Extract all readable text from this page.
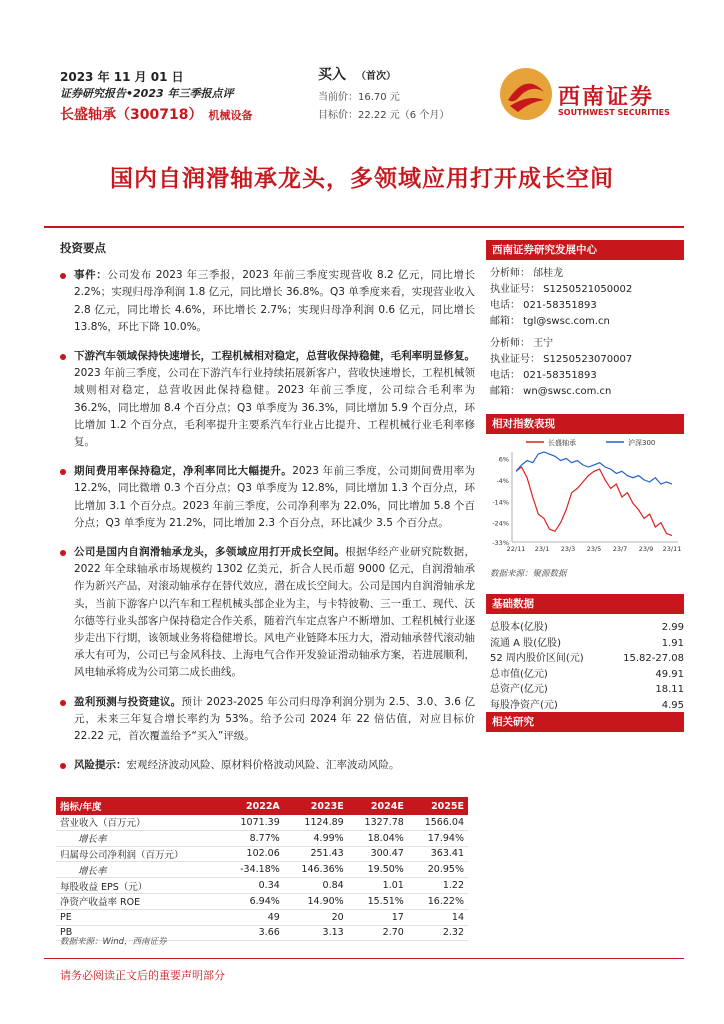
2023 年 11 月 01 日
证券研究报告•2023 年三季报点评
长盛轴承（300718） 机械设备
买入 （首次）
当前价：16.70 元
目标价：22.22 元（6 个月）
西南证券
SOUTHWEST SECURITIES
国内自润滑轴承龙头，多领域应用打开成长空间
投资要点
事件：公司发布 2023 年三季报，2023 年前三季度实现营收 8.2 亿元，同比增长 2.2%；实现归母净利润 1.8 亿元，同比增长 36.8%。Q3 单季度来看，实现营业收入 2.8 亿元，同比增长 4.6%，环比增长 2.7%；实现归母净利润 0.6 亿元，同比增长 13.8%，环比下降 10.0%。
下游汽车领域保持快速增长，工程机械相对稳定，总营收保持稳健，毛利率明显修复。2023 年前三季度，公司在下游汽车行业持续拓展新客户，营收快速增长，工程机械领域则相对稳定，总营收因此保持稳健。2023 年前三季度，公司综合毛利率为 36.2%，同比增加 8.4 个百分点；Q3 单季度为 36.3%，同比增加 5.9 个百分点，环比增加 1.2 个百分点，毛利率提升主要系汽车行业占比提升、工程机械行业毛利率修复。
期间费用率保持稳定，净利率同比大幅提升。2023 年前三季度，公司期间费用率为 12.2%，同比微增 0.3 个百分点；Q3 单季度为 12.8%，同比增加 1.3 个百分点，环比增加 3.1 个百分点。2023 年前三季度，公司净利率为 22.0%，同比增加 5.8 个百分点；Q3 单季度为 21.2%，同比增加 2.3 个百分点，环比减少 3.5 个百分点。
公司是国内自润滑轴承龙头，多领域应用打开成长空间。根据华经产业研究院数据，2022 年全球轴承市场规模约 1302 亿美元，折合人民币超 9000 亿元，自润滑轴承作为新兴产品，对滚动轴承存在替代效应，潜在成长空间大。公司是国内自润滑轴承龙头，当前下游客户以汽车和工程机械头部企业为主，与卡特彼勒、三一重工、现代、沃尔德等行业头部客户保持稳定合作关系，随着汽车定点客户不断增加、工程机械行业逐步走出下行期，该领域业务将稳健增长。风电产业链降本压力大，滑动轴承替代滚动轴承大有可为，公司已与金风科技、上海电气合作开发验证滑动轴承方案，若进展顺利，风电轴承将成为公司第二成长曲线。
盈利预测与投资建议。预计 2023-2025 年公司归母净利润分别为 2.5、3.0、3.6 亿元，未来三年复合增长率约为 53%。给予公司 2024 年 22 倍估值，对应目标价 22.22 元，首次覆盖给予“买入”评级。
风险提示：宏观经济波动风险、原材料价格波动风险、汇率波动风险。
指标/年度	2022A	2023E	2024E	2025E
营业收入（百万元）	1071.39	1124.89	1327.78	1566.04
增长率	8.77%	4.99%	18.04%	17.94%
归属母公司净利润（百万元）	102.06	251.43	300.47	363.41
增长率	-34.18%	146.36%	19.50%	20.95%
每股收益 EPS（元）	0.34	0.84	1.01	1.22
净资产收益率 ROE	6.94%	14.90%	15.51%	16.22%
PE	49	20	17	14
PB	3.66	3.13	2.70	2.32
数据来源：Wind，西南证券
请务必阅读正文后的重要声明部分
西南证券研究发展中心
分析师： 邰桂龙
执业证号： S1250521050002
电话： 021-58351893
邮箱： tgl@swsc.com.cn
分析师： 王宁
执业证号： S1250523070007
电话： 021-58351893
邮箱： wn@swsc.com.cn
相对指数表现
6%
-4%
-14%
-24%
-33%
22/11 23/1 23/3 23/5 23/7 23/9 23/11
长盛轴承	沪深300
数据来源：聚源数据
基础数据
总股本(亿股)	2.99
流通 A 股(亿股)	1.91
52 周内股价区间(元)	15.82-27.08
总市值(亿元)	49.91
总资产(亿元)	18.11
每股净资产(元)	4.95
相关研究
